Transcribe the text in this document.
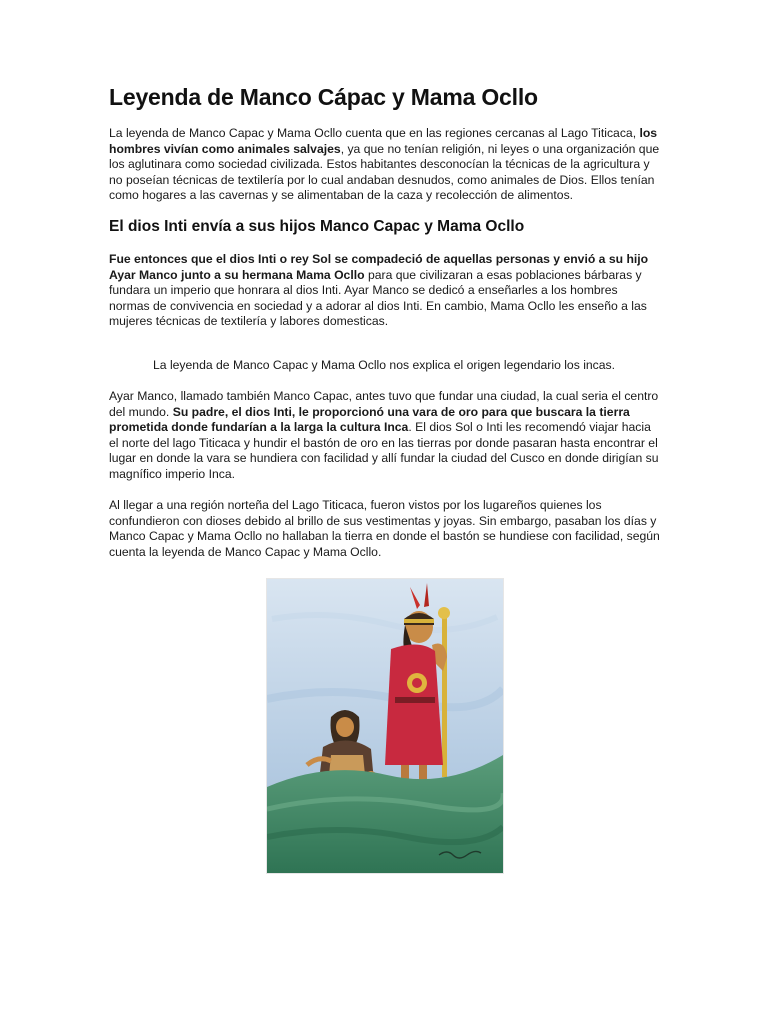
Leyenda de Manco Cápac y Mama Ocllo

La leyenda de Manco Capac y Mama Ocllo cuenta que en las regiones cercanas al Lago Titicaca, los hombres vivían como animales salvajes, ya que no tenían religión, ni leyes o una organización que los aglutinara como sociedad civilizada. Estos habitantes desconocían la técnicas de la agricultura y no poseían técnicas de textilería por lo cual andaban desnudos, como animales de Dios. Ellos tenían como hogares a las cavernas y se alimentaban de la caza y recolección de alimentos.

El dios Inti envía a sus hijos Manco Capac y Mama Ocllo

Fue entonces que el dios Inti o rey Sol se compadeció de aquellas personas y envió a su hijo Ayar Manco junto a su hermana Mama Ocllo para que civilizaran a esas poblaciones bárbaras y fundara un imperio que honrara al dios Inti. Ayar Manco se dedicó a enseñarles a los hombres normas de convivencia en sociedad y a adorar al dios Inti. En cambio, Mama Ocllo les enseño a las mujeres técnicas de textilería y labores domesticas.

La leyenda de Manco Capac y Mama Ocllo nos explica el origen legendario los incas.

Ayar Manco, llamado también Manco Capac, antes tuvo que fundar una ciudad, la cual seria el centro del mundo. Su padre, el dios Inti, le proporcionó una vara de oro para que buscara la tierra prometida donde fundarían a la larga la cultura Inca. El dios Sol o Inti les recomendó viajar hacia el norte del lago Titicaca y hundir el bastón de oro en las tierras por donde pasaran hasta encontrar el lugar en donde la vara se hundiera con facilidad y allí fundar la ciudad del Cusco en donde dirigían su magnífico imperio Inca.

Al llegar a una región norteña del Lago Titicaca, fueron vistos por los lugareños quienes los confundieron con dioses debido al brillo de sus vestimentas y joyas. Sin embargo, pasaban los días y Manco Capac y Mama Ocllo no hallaban la tierra en donde el bastón se hundiese con facilidad, según cuenta la leyenda de Manco Capac y Mama Ocllo.
